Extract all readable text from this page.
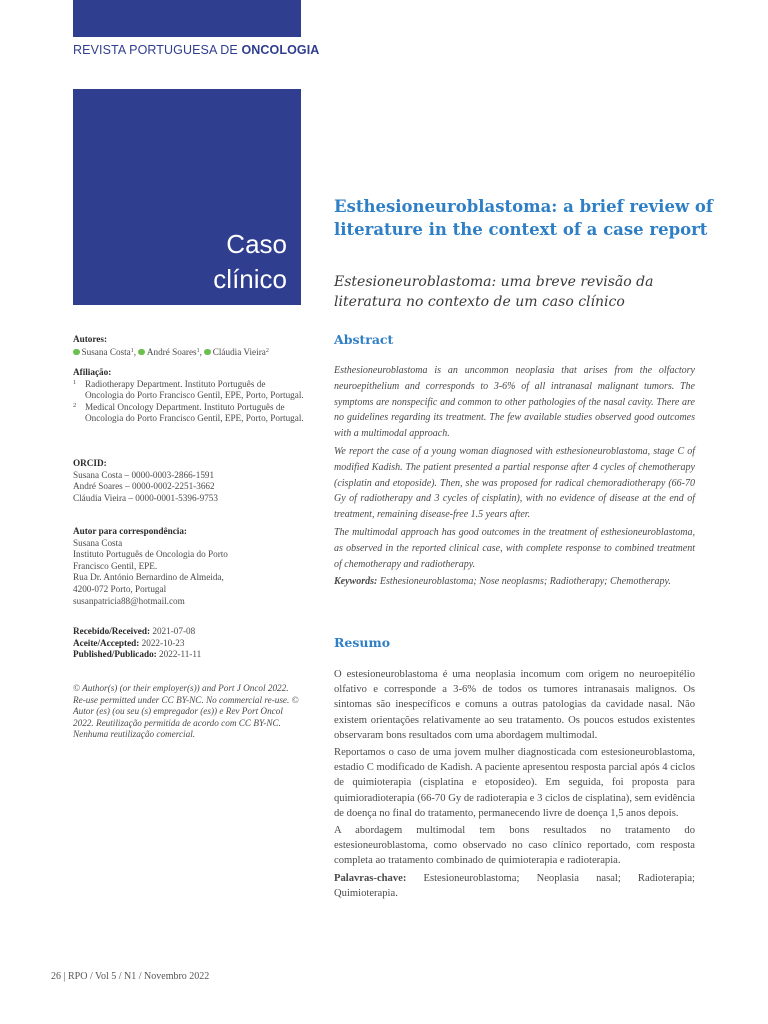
REVISTA PORTUGUESA DE ONCOLOGIA
Caso
clínico
Esthesioneuroblastoma: a brief review of literature in the context of a case report
Estesioneuroblastoma: uma breve revisão da literatura no contexto de um caso clínico
Autores:
Susana Costa$^1$, André Soares$^1$, Cláudia Vieira$^2$
Afiliação:
1 Radiotherapy Department. Instituto Português de Oncologia do Porto Francisco Gentil, EPE, Porto, Portugal.
2 Medical Oncology Department. Instituto Português de Oncologia do Porto Francisco Gentil, EPE, Porto, Portugal.
ORCID:
Susana Costa – 0000-0003-2866-1591
André Soares – 0000-0002-2251-3662
Cláudia Vieira – 0000-0001-5396-9753
Autor para correspondência:
Susana Costa
Instituto Português de Oncologia do Porto
Francisco Gentil, EPE.
Rua Dr. António Bernardino de Almeida,
4200-072 Porto, Portugal
susanpatricia88@hotmail.com
Recebido/Received: 2021-07-08
Aceite/Accepted: 2022-10-23
Published/Publicado: 2022-11-11
© Author(s) (or their employer(s)) and Port J Oncol 2022. Re-use permitted under CC BY-NC. No commercial re-use. © Autor (es) (ou seu (s) empregador (es)) e Rev Port Oncol 2022. Reutilização permitida de acordo com CC BY-NC. Nenhuma reutilização comercial.
Abstract

Esthesioneuroblastoma is an uncommon neoplasia that arises from the olfactory neuroepithelium and corresponds to 3-6% of all intranasal malignant tumors. The symptoms are nonspecific and common to other pathologies of the nasal cavity. There are no guidelines regarding its treatment. The few available studies observed good outcomes with a multimodal approach.

We report the case of a young woman diagnosed with esthesioneuroblastoma, stage C of modified Kadish. The patient presented a partial response after 4 cycles of chemotherapy (cisplatin and etoposide). Then, she was proposed for radical chemoradiotherapy (66-70 Gy of radiotherapy and 3 cycles of cisplatin), with no evidence of disease at the end of treatment, remaining disease-free 1.5 years after.

The multimodal approach has good outcomes in the treatment of esthesioneuroblastoma, as observed in the reported clinical case, with complete response to combined treatment of chemotherapy and radiotherapy.

Keywords: Esthesioneuroblastoma; Nose neoplasms; Radiotherapy; Chemotherapy.

Resumo

O estesioneuroblastoma é uma neoplasia incomum com origem no neuroepitélio olfativo e corresponde a 3-6% de todos os tumores intranasais malignos. Os sintomas são inespecíficos e comuns a outras patologias da cavidade nasal. Não existem orientações relativamente ao seu tratamento. Os poucos estudos existentes observaram bons resultados com uma abordagem multimodal.

Reportamos o caso de uma jovem mulher diagnosticada com estesioneuroblastoma, estadio C modificado de Kadish. A paciente apresentou resposta parcial após 4 ciclos de quimioterapia (cisplatina e etoposídeo). Em seguida, foi proposta para quimioradioterapia (66-70 Gy de radioterapia e 3 ciclos de cisplatina), sem evidência de doença no final do tratamento, permanecendo livre de doença 1,5 anos depois.

A abordagem multimodal tem bons resultados no tratamento do estesioneuroblastoma, como observado no caso clínico reportado, com resposta completa ao tratamento combinado de quimioterapia e radioterapia.

Palavras-chave: Estesioneuroblastoma; Neoplasia nasal; Radioterapia; Quimioterapia.

26 | RPO / Vol 5 / N1 / Novembro 2022
